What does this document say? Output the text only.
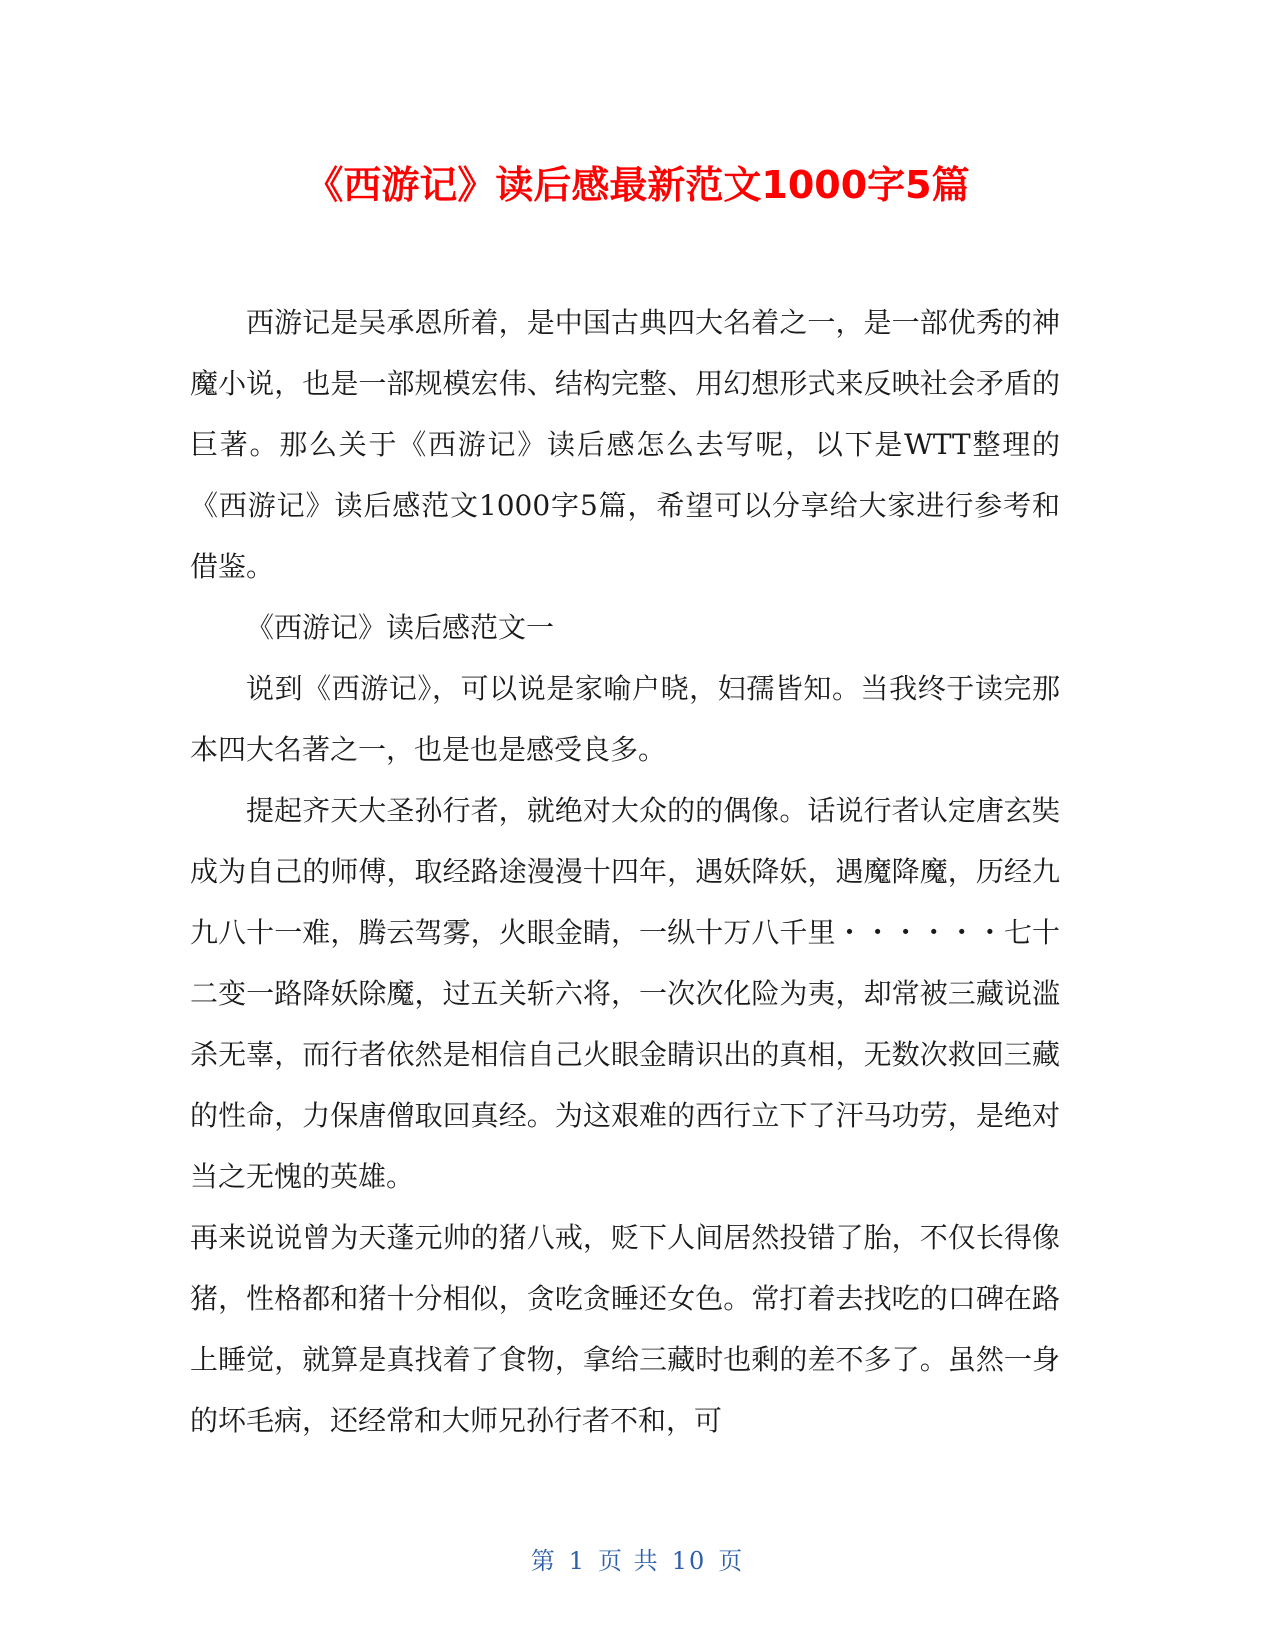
《西游记》读后感最新范文1000字5篇

西游记是吴承恩所着，是中国古典四大名着之一，是一部优秀的神魔小说，也是一部规模宏伟、结构完整、用幻想形式来反映社会矛盾的巨著。那么关于《西游记》读后感怎么去写呢，以下是WTT整理的《西游记》读后感范文1000字5篇，希望可以分享给大家进行参考和借鉴。

《西游记》读后感范文一

说到《西游记》，可以说是家喻户晓，妇孺皆知。当我终于读完那本四大名著之一，也是也是感受良多。

提起齐天大圣孙行者，就绝对大众的的偶像。话说行者认定唐玄奘成为自己的师傅，取经路途漫漫十四年，遇妖降妖，遇魔降魔，历经九九八十一难，腾云驾雾，火眼金睛，一纵十万八千里・・・・・・七十二变一路降妖除魔，过五关斩六将，一次次化险为夷，却常被三藏说滥杀无辜，而行者依然是相信自己火眼金睛识出的真相，无数次救回三藏的性命，力保唐僧取回真经。为这艰难的西行立下了汗马功劳，是绝对当之无愧的英雄。

再来说说曾为天蓬元帅的猪八戒，贬下人间居然投错了胎，不仅长得像猪，性格都和猪十分相似，贪吃贪睡还女色。常打着去找吃的口碑在路上睡觉，就算是真找着了食物，拿给三藏时也剩的差不多了。虽然一身的坏毛病，还经常和大师兄孙行者不和，可

第 1 页 共 10 页
